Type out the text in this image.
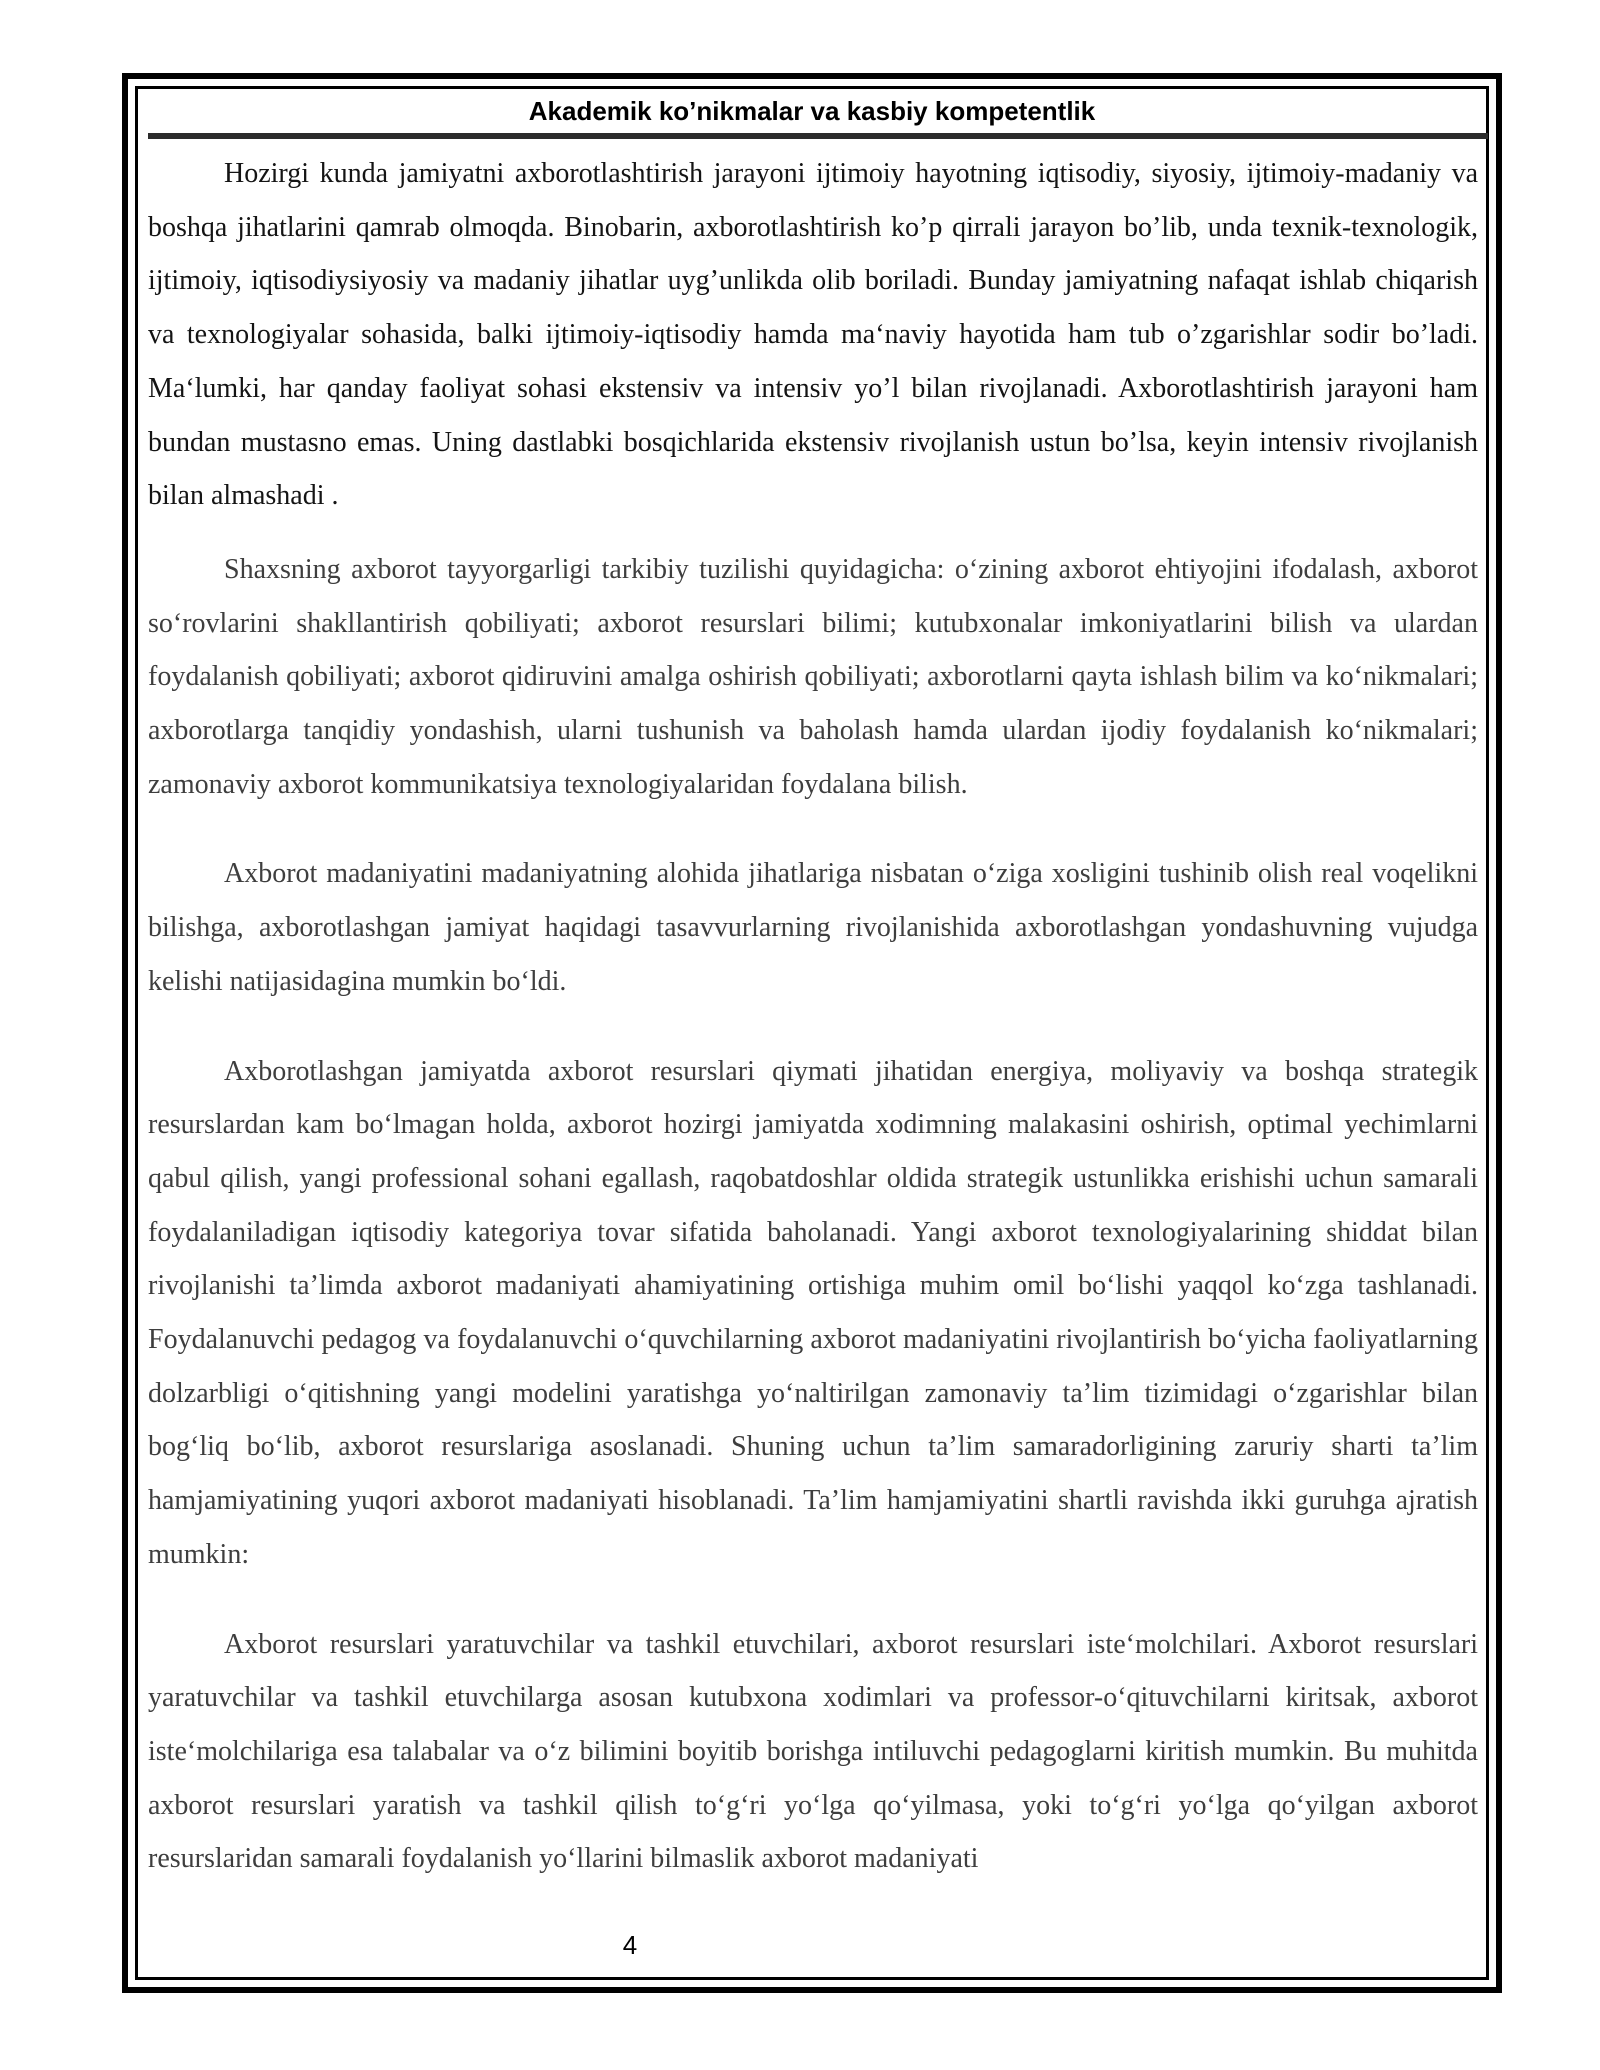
Akademik ko’nikmalar va kasbiy kompetentlik

Hozirgi kunda jamiyatni axborotlashtirish jarayoni ijtimoiy hayotning iqtisodiy, siyosiy, ijtimoiy-madaniy va boshqa jihatlarini qamrab olmoqda. Binobarin, axborotlashtirish ko’p qirrali jarayon bo’lib, unda texnik-texnologik, ijtimoiy, iqtisodiysiyosiy va madaniy jihatlar uyg’unlikda olib boriladi. Bunday jamiyatning nafaqat ishlab chiqarish va texnologiyalar sohasida, balki ijtimoiy-iqtisodiy hamda maʻnaviy hayotida ham tub o’zgarishlar sodir bo’ladi. Maʻlumki, har qanday faoliyat sohasi ekstensiv va intensiv yo’l bilan rivojlanadi. Axborotlashtirish jarayoni ham bundan mustasno emas. Uning dastlabki bosqichlarida ekstensiv rivojlanish ustun bo’lsa, keyin intensiv rivojlanish bilan almashadi .

Shaxsning axborot tayyorgarligi tarkibiy tuzilishi quyidagicha: oʻzining axborot ehtiyojini ifodalash, axborot soʻrovlarini shakllantirish qobiliyati; axborot resurslari bilimi; kutubxonalar imkoniyatlarini bilish va ulardan foydalanish qobiliyati; axborot qidiruvini amalga oshirish qobiliyati; axborotlarni qayta ishlash bilim va koʻnikmalari; axborotlarga tanqidiy yondashish, ularni tushunish va baholash hamda ulardan ijodiy foydalanish koʻnikmalari; zamonaviy axborot kommunikatsiya texnologiyalaridan foydalana bilish.

Axborot madaniyatini madaniyatning alohida jihatlariga nisbatan oʻziga xosligini tushinib olish real voqelikni bilishga, axborotlashgan jamiyat haqidagi tasavvurlarning rivojlanishida axborotlashgan yondashuvning vujudga kelishi natijasidagina mumkin boʻldi.

Axborotlashgan jamiyatda axborot resurslari qiymati jihatidan energiya, moliyaviy va boshqa strategik resurslardan kam boʻlmagan holda, axborot hozirgi jamiyatda xodimning malakasini oshirish, optimal yechimlarni qabul qilish, yangi professional sohani egallash, raqobatdoshlar oldida strategik ustunlikka erishishi uchun samarali foydalaniladigan iqtisodiy kategoriya tovar sifatida baholanadi. Yangi axborot texnologiyalarining shiddat bilan rivojlanishi ta’limda axborot madaniyati ahamiyatining ortishiga muhim omil boʻlishi yaqqol koʻzga tashlanadi. Foydalanuvchi pedagog va foydalanuvchi oʻquvchilarning axborot madaniyatini rivojlantirish boʻyicha faoliyatlarning dolzarbligi oʻqitishning yangi modelini yaratishga yoʻnaltirilgan zamonaviy ta’lim tizimidagi oʻzgarishlar bilan bogʻliq boʻlib, axborot resurslariga asoslanadi. Shuning uchun ta’lim samaradorligining zaruriy sharti ta’lim hamjamiyatining yuqori axborot madaniyati hisoblanadi. Ta’lim hamjamiyatini shartli ravishda ikki guruhga ajratish mumkin:

Axborot resurslari yaratuvchilar va tashkil etuvchilari, axborot resurslari isteʻmolchilari. Axborot resurslari yaratuvchilar va tashkil etuvchilarga asosan kutubxona xodimlari va professor-oʻqituvchilarni kiritsak, axborot isteʻmolchilariga esa talabalar va oʻz bilimini boyitib borishga intiluvchi pedagoglarni kiritish mumkin. Bu muhitda axborot resurslari yaratish va tashkil qilish toʻgʻri yoʻlga qoʻyilmasa, yoki toʻgʻri yoʻlga qoʻyilgan axborot resurslaridan samarali foydalanish yoʻllarini bilmaslik axborot madaniyati

4
